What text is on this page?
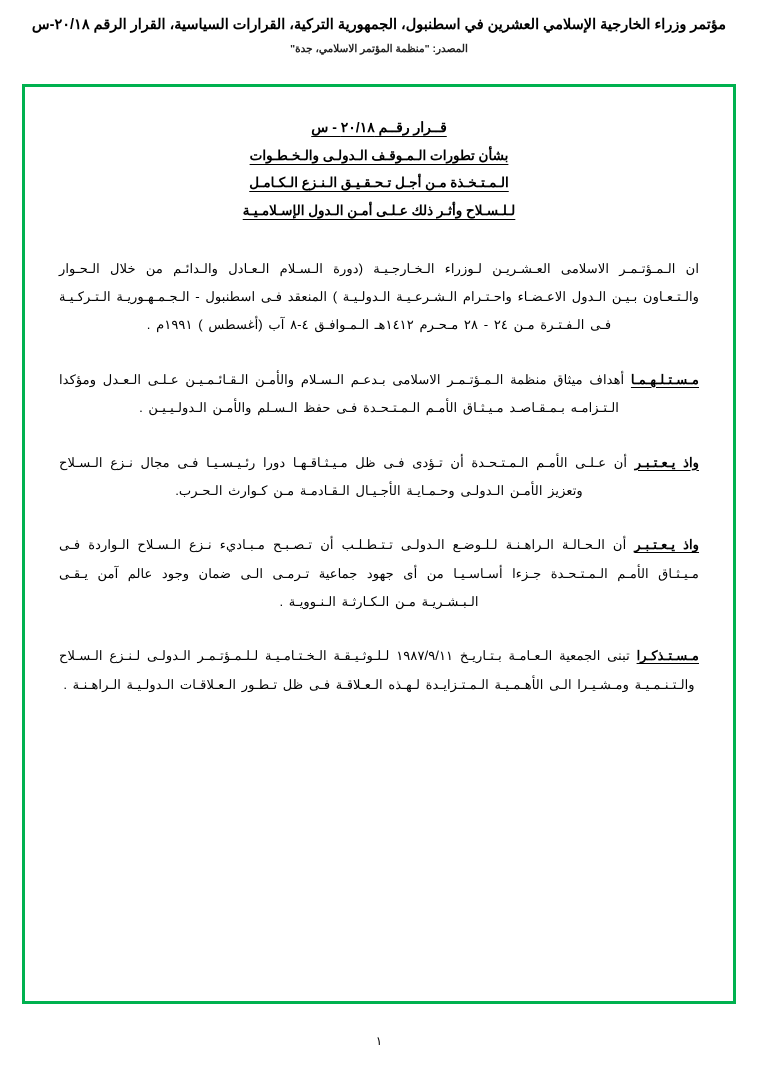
مؤتمر وزراء الخارجية الإسلامي العشرين في اسطنبول، الجمهورية التركية، القرارات السياسية، القرار الرقم ٢٠/١٨-س
المصدر: "منظمة المؤتمر الاسلامي، جدة"
قــرار رقــم ٢٠/١٨ - س
بشأن تطورات الـمـوقـف الـدولـى والـخـطـوات
الـمـتـخـذة مـن أجـل تـحـقـيـق الـنـزع الـكـامـل
لـلـسـلاح وأثـر ذلك عـلـى أمـن الـدول الإسـلامـيـة

ان الـمـؤتـمـر الاسلامى العـشـريـن لـوزراء الـخـارجـيـة (دورة الـسـلام الـعـادل والـدائـم من خلال الـحـوار والـتـعـاون بـيـن الـدول الاعـضـاء واحـتـرام الـشـرعـيـة الـدولـيـة ) المنعقد فـى اسطنبول - الـجـمـهـوريـة الـتـركـيـة فـى الـفـتـرة مـن ٢٤ - ٢٨ مـحـرم ١٤١٢هـ الـمـوافـق ٤-٨ آب (أغسطس ) ١٩٩١م .

مـسـتـلـهـمـا أهداف ميثاق منظمة الـمـؤتـمـر الاسلامى بـدعـم الـسـلام والأمـن الـقـائـمـيـن عـلـى الـعـدل ومؤكدا الـتـزامـه بـمـقـاصـد مـيـثـاق الأمـم الـمـتـحـدة فـى حفظ الـسـلم والأمـن الـدولـيـيـن .

واذ يـعـتـبـر أن عـلـى الأمـم الـمـتـحـدة أن تـؤدى فـى ظل مـيـثـاقـهـا دورا رئـيـسـيـا فـى مجال نـزع الـسـلاح وتعزيز الأمـن الـدولـى وحـمـايـة الأجـيـال الـقـادمـة مـن كـوارث الـحـرب.

واذ يـعـتـبـر أن الـحـالـة الـراهـنـة لـلـوضـع الـدولـى تـتـطـلـب أن تـصـبـح مـبـاديء نـزع الـسـلاح الـواردة فـى مـيـثـاق الأمـم الـمـتـحـدة جـزءا أسـاسـيـا من أى جهود جماعية تـرمـى الـى ضمان وجود عالم آمن يـقـى الـبـشـريـة مـن الـكـارثـة الـنـوويـة .

مـسـتـذكـرا تبنى الجمعية الـعـامـة بـتـاريـخ ١٩٨٧/٩/١١ لـلـوثـيـقـة الـخـتـامـيـة لـلـمـؤتـمـر الـدولـى لـنـزع الـسـلاح والـتـنـمـيـة ومـشـيـرا الـى الأهـمـيـة الـمـتـزايـدة لـهـذه الـعـلاقـة فـى ظل تـطـور الـعـلاقـات الـدولـيـة الـراهـنـة .

١
